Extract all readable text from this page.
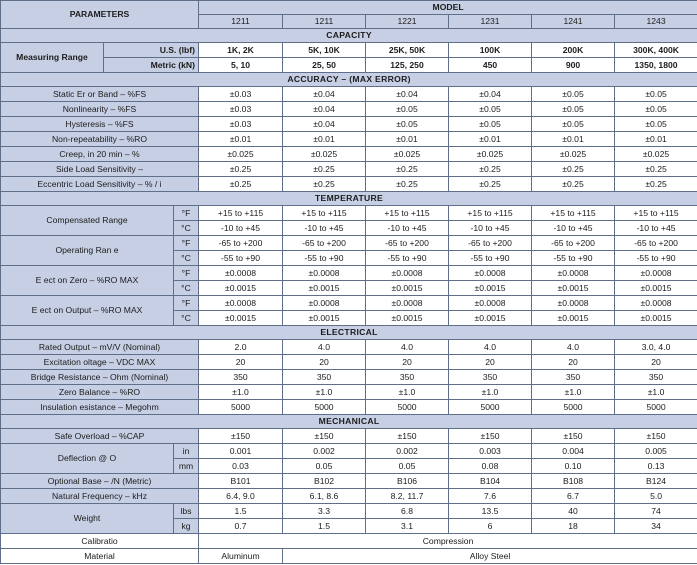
PARAMETERS			MODEL					
			1211	1211	1221	1231	1241	1243
CAPACITY								
Measuring Range	U.S. (lbf)		1K, 2K	5K, 10K	25K, 50K	100K	200K	300K, 400K
	Metric (kN)		5, 10	25, 50	125, 250	450	900	1350, 1800
ACCURACY – (MAX ERROR)								
Static Er or Band – %FS			±0.03	±0.04	±0.04	±0.04	±0.05	±0.05
Nonlinearity – %FS			±0.03	±0.04	±0.05	±0.05	±0.05	±0.05
Hysteresis – %FS			±0.03	±0.04	±0.05	±0.05	±0.05	±0.05
Non-repeatability – %RO			±0.01	±0.01	±0.01	±0.01	±0.01	±0.01
Creep, in 20 min – %			±0.025	±0.025	±0.025	±0.025	±0.025	±0.025
Side Load Sensitivity –			±0.25	±0.25	±0.25	±0.25	±0.25	±0.25
Eccentric Load Sensitivity – % / i			±0.25	±0.25	±0.25	±0.25	±0.25	±0.25
TEMPERATURE								
Compensated Range		°F	+15 to +115	+15 to +115	+15 to +115	+15 to +115	+15 to +115	+15 to +115
		°C	-10 to +45	-10 to +45	-10 to +45	-10 to +45	-10 to +45	-10 to +45
Operating Ran e		°F	-65 to +200	-65 to +200	-65 to +200	-65 to +200	-65 to +200	-65 to +200
		°C	-55 to +90	-55 to +90	-55 to +90	-55 to +90	-55 to +90	-55 to +90
E ect on Zero – %RO MAX		°F	±0.0008	±0.0008	±0.0008	±0.0008	±0.0008	±0.0008
		°C	±0.0015	±0.0015	±0.0015	±0.0015	±0.0015	±0.0015
E ect on Output – %RO MAX		°F	±0.0008	±0.0008	±0.0008	±0.0008	±0.0008	±0.0008
		°C	±0.0015	±0.0015	±0.0015	±0.0015	±0.0015	±0.0015
ELECTRICAL								
Rated Output – mV/V (Nominal)			2.0	4.0	4.0	4.0	4.0	3.0, 4.0
Excitation oltage – VDC MAX			20	20	20	20	20	20
Bridge Resistance – Ohm (Nominal)			350	350	350	350	350	350
Zero Balance – %RO			±1.0	±1.0	±1.0	±1.0	±1.0	±1.0
Insulation esistance – Megohm			5000	5000	5000	5000	5000	5000
MECHANICAL								
Safe Overload – %CAP			±150	±150	±150	±150	±150	±150
Deflection @ O		in	0.001	0.002	0.002	0.003	0.004	0.005
		mm	0.03	0.05	0.05	0.08	0.10	0.13
Optional Base – /N (Metric)			B101	B102	B106	B104	B108	B124
Natural Frequency – kHz			6.4, 9.0	6.1, 8.6	8.2, 11.7	7.6	6.7	5.0
Weight		lbs	1.5	3.3	6.8	13.5	40	74
		kg	0.7	1.5	3.1	6	18	34
Calibratio			Compression					
Material			Aluminum	Alloy Steel				
